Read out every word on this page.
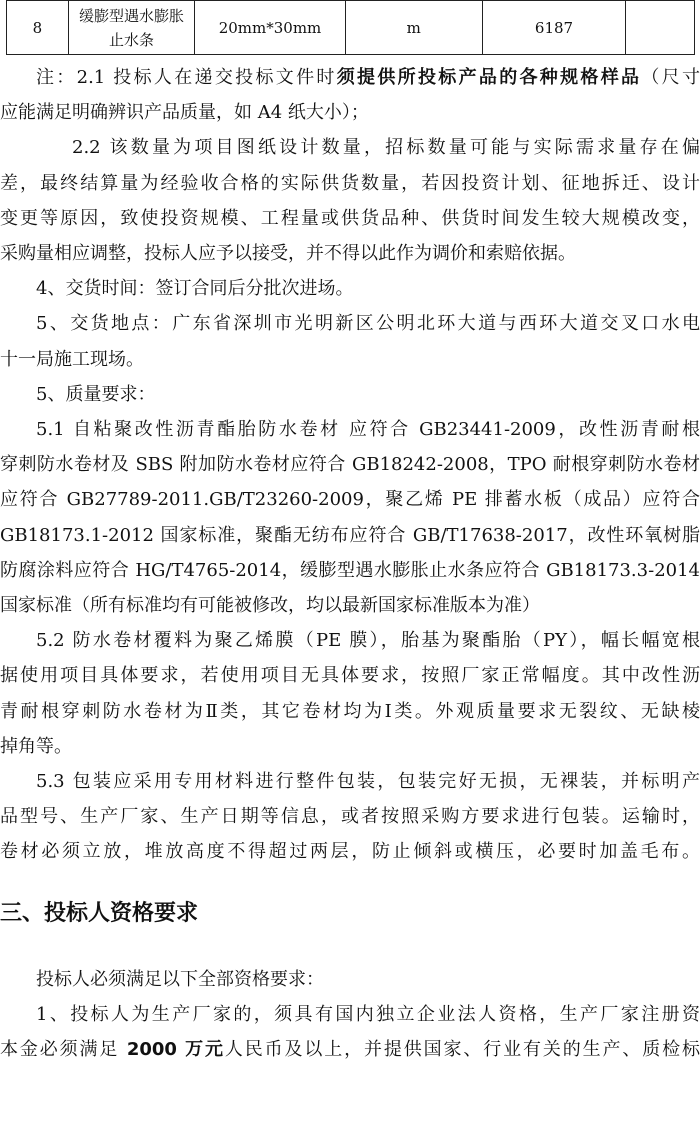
8	缓膨型遇水膨胀止水条	20mm*30mm	m	6187	

注：2.1 投标人在递交投标文件时须提供所投标产品的各种规格样品（尺寸

应能满足明确辨识产品质量，如 A4 纸大小）；

2.2 该数量为项目图纸设计数量，招标数量可能与实际需求量存在偏

差，最终结算量为经验收合格的实际供货数量，若因投资计划、征地拆迁、设计

变更等原因，致使投资规模、工程量或供货品种、供货时间发生较大规模改变，

采购量相应调整，投标人应予以接受，并不得以此作为调价和索赔依据。

4、交货时间：签订合同后分批次进场。

5、交货地点：广东省深圳市光明新区公明北环大道与西环大道交叉口水电

十一局施工现场。

5、质量要求：

5.1 自粘聚改性沥青酯胎防水卷材 应符合 GB23441-2009，改性沥青耐根

穿刺防水卷材及 SBS 附加防水卷材应符合 GB18242-2008，TPO 耐根穿刺防水卷材

应符合 GB27789-2011.GB/T23260-2009，聚乙烯 PE 排蓄水板（成品）应符合

GB18173.1-2012 国家标准，聚酯无纺布应符合 GB/T17638-2017，改性环氧树脂

防腐涂料应符合 HG/T4765-2014，缓膨型遇水膨胀止水条应符合 GB18173.3-2014

国家标准（所有标准均有可能被修改，均以最新国家标准版本为准）

5.2 防水卷材覆料为聚乙烯膜（PE 膜），胎基为聚酯胎（PY），幅长幅宽根

据使用项目具体要求，若使用项目无具体要求，按照厂家正常幅度。其中改性沥

青耐根穿刺防水卷材为Ⅱ类，其它卷材均为Ⅰ类。外观质量要求无裂纹、无缺棱

掉角等。

5.3 包装应采用专用材料进行整件包装，包装完好无损，无裸装，并标明产

品型号、生产厂家、生产日期等信息，或者按照采购方要求进行包装。运输时，

卷材必须立放，堆放高度不得超过两层，防止倾斜或横压，必要时加盖毛布。

三、投标人资格要求

投标人必须满足以下全部资格要求：

1、投标人为生产厂家的，须具有国内独立企业法人资格，生产厂家注册资

本金必须满足 2000 万元人民币及以上，并提供国家、行业有关的生产、质检标
